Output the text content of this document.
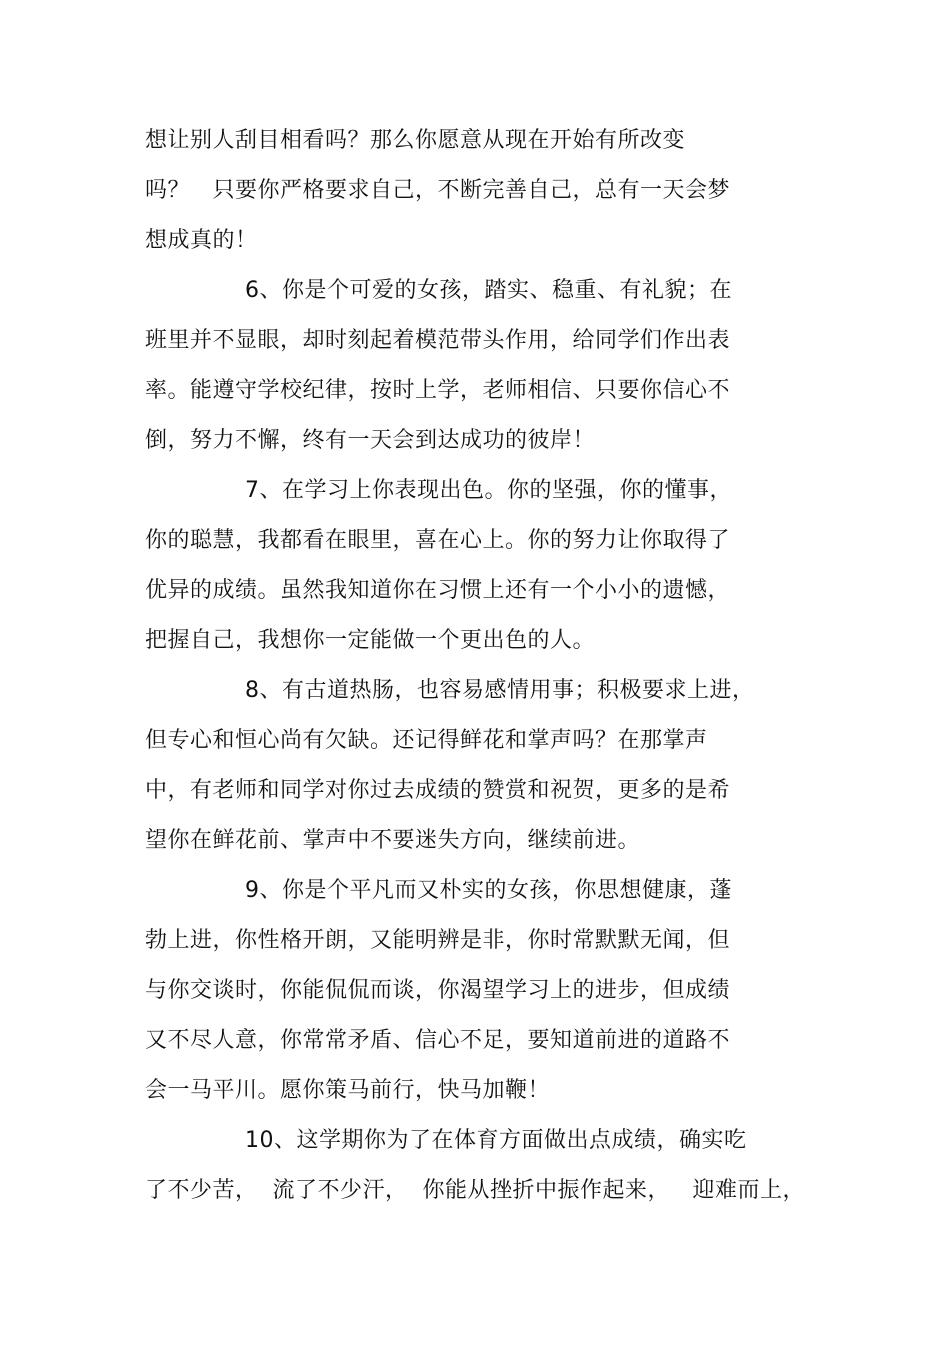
想让别人刮目相看吗？那么你愿意从现在开始有所改变
吗？   只要你严格要求自己，不断完善自己，总有一天会梦
想成真的！
6、你是个可爱的女孩，踏实、稳重、有礼貌；在
班里并不显眼，却时刻起着模范带头作用，给同学们作出表
率。能遵守学校纪律，按时上学，老师相信、只要你信心不
倒，努力不懈，终有一天会到达成功的彼岸！
7、在学习上你表现出色。你的坚强，你的懂事，
你的聪慧，我都看在眼里，喜在心上。你的努力让你取得了
优异的成绩。虽然我知道你在习惯上还有一个小小的遗憾，
把握自己，我想你一定能做一个更出色的人。
8、有古道热肠，也容易感情用事；积极要求上进，
但专心和恒心尚有欠缺。还记得鲜花和掌声吗？在那掌声
中，有老师和同学对你过去成绩的赞赏和祝贺，更多的是希
望你在鲜花前、掌声中不要迷失方向，继续前进。
9、你是个平凡而又朴实的女孩，你思想健康，蓬
勃上进，你性格开朗，又能明辨是非，你时常默默无闻，但
与你交谈时，你能侃侃而谈，你渴望学习上的进步，但成绩
又不尽人意，你常常矛盾、信心不足，要知道前进的道路不
会一马平川。愿你策马前行，快马加鞭！
10、这学期你为了在体育方面做出点成绩，确实吃
了不少苦，  流了不少汗，  你能从挫折中振作起来，   迎难而上，
